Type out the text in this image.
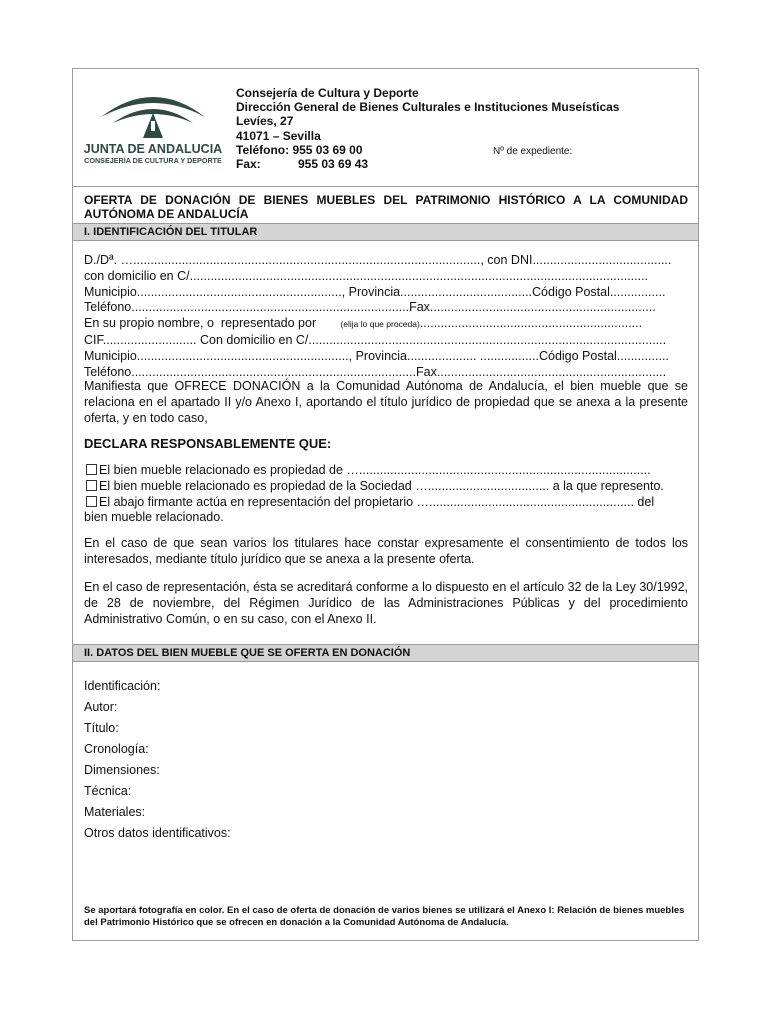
JUNTA DE ANDALUCIA
CONSEJERÍA DE CULTURA Y DEPORTE
Consejería de Cultura y Deporte
Dirección General de Bienes Culturales e Instituciones Museísticas
Levíes, 27
41071 – Sevilla
Teléfono: 955 03 69 00
Fax:	955 03 69 43
Nº de expediente:
OFERTA DE DONACIÓN DE BIENES MUEBLES DEL PATRIMONIO HISTÓRICO A LA COMUNIDAD AUTÓNOMA DE ANDALUCÍA
I. IDENTIFICACIÓN DEL TITULAR
D./Dª. …...................................................................................................., con DNI........................................
con domicilio en C/....................................................................................................................................
Municipio..........................................................., Provincia......................................Código Postal................
Teléfono................................................................................Fax.................................................................
En su propio nombre, o representado por	(elija lo que proceda)................................................................
CIF........................... Con domicilio en C/.......................................................................................................
Municipio............................................................., Provincia.................... .................Código Postal...............
Teléfono..................................................................................Fax..................................................................
Manifiesta que OFRECE DONACIÓN a la Comunidad Autónoma de Andalucía, el bien mueble que se relaciona en el apartado II y/o Anexo I, aportando el título jurídico de propiedad que se anexa a la presente oferta, y en todo caso,
DECLARA RESPONSABLEMENTE QUE:
El bien mueble relacionado es propiedad de …....................................................................................
El bien mueble relacionado es propiedad de la Sociedad …................................... a la que represento.
El abajo firmante actúa en representación del propietario …........................................................... del
bien mueble relacionado.
En el caso de que sean varios los titulares hace constar expresamente el consentimiento de todos los interesados, mediante título jurídico que se anexa a la presente oferta.
En el caso de representación, ésta se acreditará conforme a lo dispuesto en el artículo 32 de la Ley 30/1992, de 28 de noviembre, del Régimen Jurídico de las Administraciones Públicas y del procedimiento Administrativo Común, o en su caso, con el Anexo II.
II. DATOS DEL BIEN MUEBLE QUE SE OFERTA EN DONACIÓN
Identificación:
Autor:
Título:
Cronología:
Dimensiones:
Técnica:
Materiales:
Otros datos identificativos:
Se aportará fotografía en color. En el caso de oferta de donación de varios bienes se utilizará el Anexo I: Relación de bienes muebles del Patrimonio Histórico que se ofrecen en donación a la Comunidad Autónoma de Andalucía.
